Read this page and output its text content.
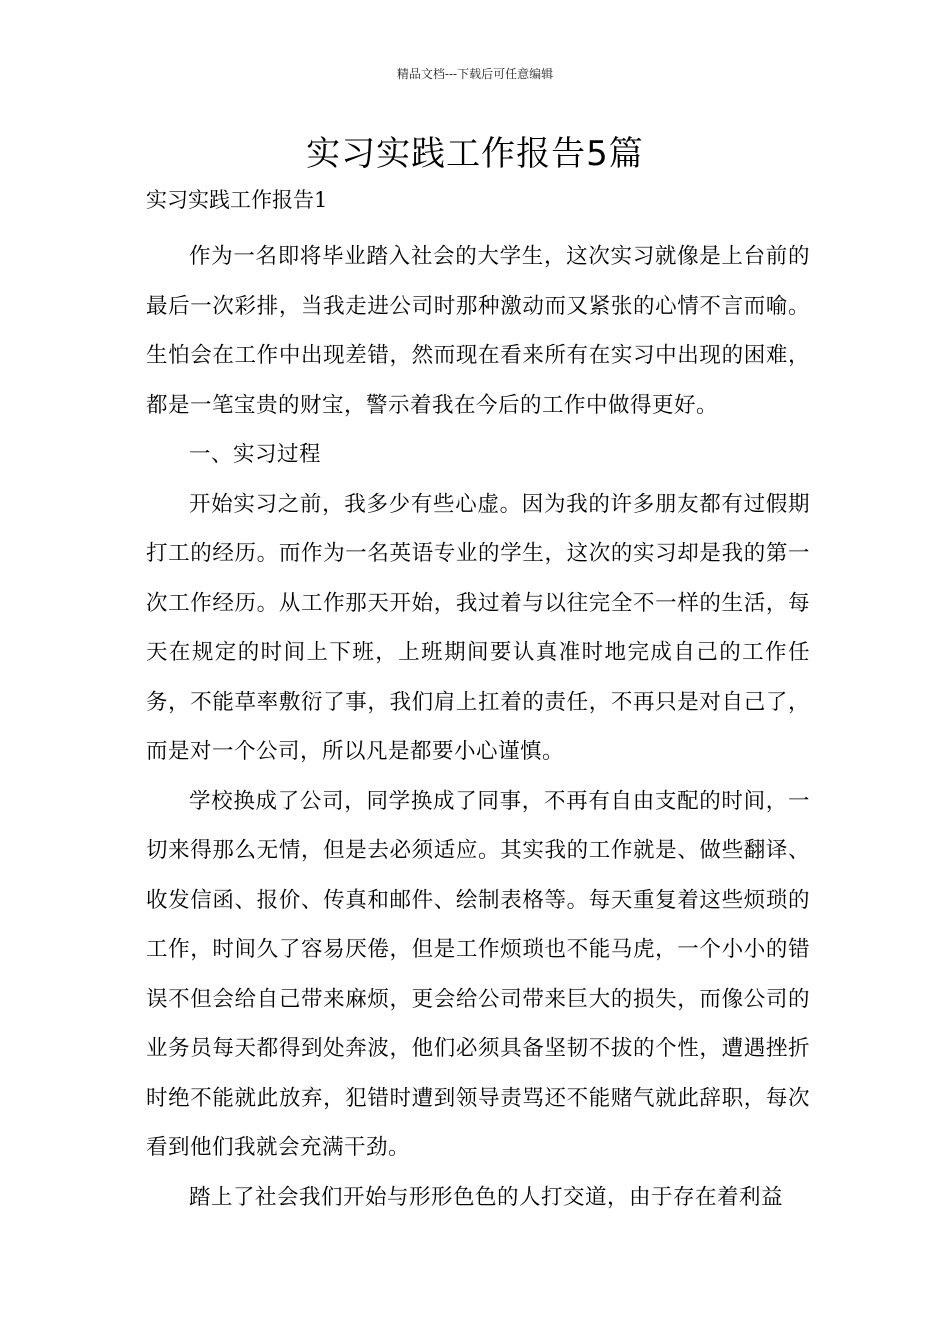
精品文档---下载后可任意编辑
实习实践工作报告5篇
实习实践工作报告1

作为一名即将毕业踏入社会的大学生，这次实习就像是上台前的最后一次彩排，当我走进公司时那种激动而又紧张的心情不言而喻。生怕会在工作中出现差错，然而现在看来所有在实习中出现的困难，都是一笔宝贵的财宝，警示着我在今后的工作中做得更好。

一、实习过程

开始实习之前，我多少有些心虚。因为我的许多朋友都有过假期打工的经历。而作为一名英语专业的学生，这次的实习却是我的第一次工作经历。从工作那天开始，我过着与以往完全不一样的生活，每天在规定的时间上下班，上班期间要认真准时地完成自己的工作任务，不能草率敷衍了事，我们肩上扛着的责任，不再只是对自己了，而是对一个公司，所以凡是都要小心谨慎。

学校换成了公司，同学换成了同事，不再有自由支配的时间，一切来得那么无情，但是去必须适应。其实我的工作就是、做些翻译、收发信函、报价、传真和邮件、绘制表格等。每天重复着这些烦琐的工作，时间久了容易厌倦，但是工作烦琐也不能马虎，一个小小的错误不但会给自己带来麻烦，更会给公司带来巨大的损失，而像公司的业务员每天都得到处奔波，他们必须具备坚韧不拔的个性，遭遇挫折时绝不能就此放弃，犯错时遭到领导责骂还不能赌气就此辞职，每次看到他们我就会充满干劲。

踏上了社会我们开始与形形色色的人打交道，由于存在着利益
